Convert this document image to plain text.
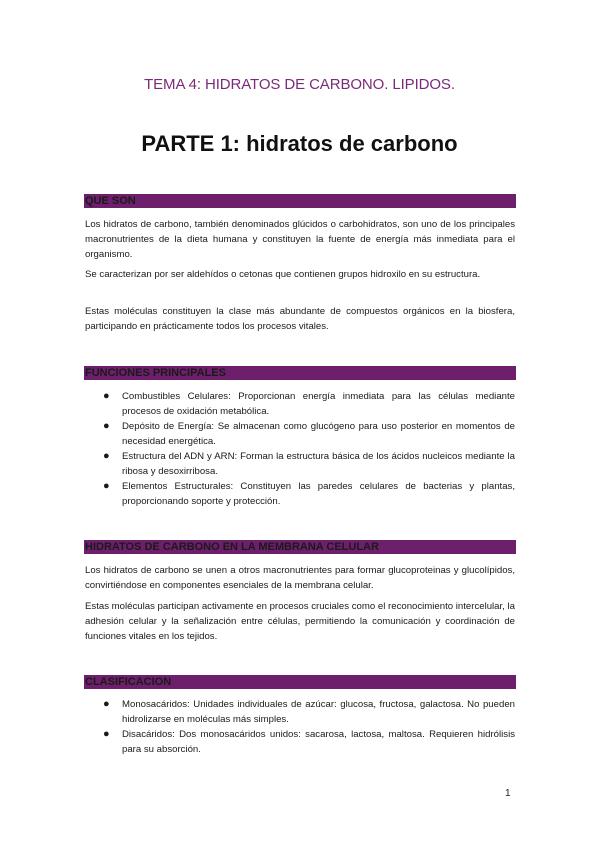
TEMA 4: HIDRATOS DE CARBONO. LIPIDOS.
PARTE 1: hidratos de carbono
QUE SON

Los hidratos de carbono, también denominados glúcidos o carbohidratos, son uno de los principales macronutrientes de la dieta humana y constituyen la fuente de energía más inmediata para el organismo.

Se caracterizan por ser aldehídos o cetonas que contienen grupos hidroxilo en su estructura.

Estas moléculas constituyen la clase más abundante de compuestos orgánicos en la biosfera, participando en prácticamente todos los procesos vitales.

FUNCIONES PRINCIPALES
● Combustibles Celulares: Proporcionan energía inmediata para las células mediante procesos de oxidación metabólica.
● Depósito de Energía: Se almacenan como glucógeno para uso posterior en momentos de necesidad energética.
● Estructura del ADN y ARN: Forman la estructura básica de los ácidos nucleicos mediante la ribosa y desoxirribosa.
● Elementos Estructurales: Constituyen las paredes celulares de bacterias y plantas, proporcionando soporte y protección.
HIDRATOS DE CARBONO EN LA MEMBRANA CELULAR

Los hidratos de carbono se unen a otros macronutrientes para formar glucoproteinas y glucolípidos, convirtiéndose en componentes esenciales de la membrana celular.

Estas moléculas participan activamente en procesos cruciales como el reconocimiento intercelular, la adhesión celular y la señalización entre células, permitiendo la comunicación y coordinación de funciones vitales en los tejidos.

CLASIFICACION
● Monosacáridos: Unidades individuales de azúcar: glucosa, fructosa, galactosa. No pueden hidrolizarse en moléculas más simples.
● Disacáridos: Dos monosacáridos unidos: sacarosa, lactosa, maltosa. Requieren hidrólisis para su absorción.
1
